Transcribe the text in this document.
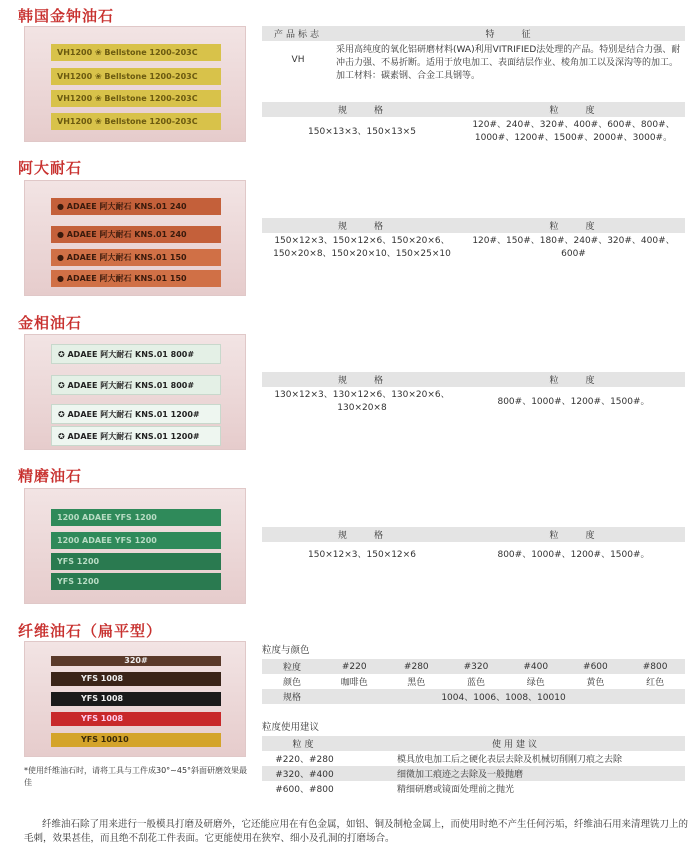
韩国金钟油石
阿大耐石
金相油石
精磨油石
纤维油石（扁平型）
VH1200 ❀ Bellstone 1200-203C
VH1200 ❀ Bellstone 1200-203C
VH1200 ❀ Bellstone 1200-203C
VH1200 ❀ Bellstone 1200-203C
● ADAEE 阿大耐石 KNS.01 240
● ADAEE 阿大耐石 KNS.01 240
● ADAEE 阿大耐石 KNS.01 150
● ADAEE 阿大耐石 KNS.01 150
✪ ADAEE 阿大耐石 KNS.01 800#
✪ ADAEE 阿大耐石 KNS.01 800#
✪ ADAEE 阿大耐石 KNS.01 1200#
✪ ADAEE 阿大耐石 KNS.01 1200#
1200 ADAEE YFS 1200
1200 ADAEE YFS 1200
YFS 1200
YFS 1200
320#
YFS 1008
YFS 1008
YFS 1008
YFS 10010
产品标志	特　　征
VH	采用高纯度的氧化铝研磨材料(WA)利用VITRIFIED法处理的产品。特别是结合力强、耐冲击力强、不易折断。适用于放电加工、表面结层作业、棱角加工以及深沟等的加工。加工材料：碳素钢、合金工具钢等。
规　　格	粒　　度
150×13×3、150×13×5	120#、240#、320#、400#、600#、800#、1000#、1200#、1500#、2000#、3000#。
规　　格	粒　　度
150×12×3、150×12×6、150×20×6、150×20×8、150×20×10、150×25×10	120#、150#、180#、240#、320#、400#、600#
规　　格	粒　　度
130×12×3、130×12×6、130×20×6、130×20×8	800#、1000#、1200#、1500#。
规　　格	粒　　度
150×12×3、150×12×6	800#、1000#、1200#、1500#。
粒度与颜色
粒度	#220	#280	#320	#400	#600	#800
颜色	咖啡色	黑色	蓝色	绿色	黄色	红色
规格	1004、1006、1008、10010					
粒度使用建议
粒度	使用建议
#220、#280	模具放电加工后之硬化表层去除及机械切削刚刀痕之去除
#320、#400	细微加工痕迹之去除及一般抛磨
#600、#800	精细研磨或镜面处理前之抛光
*使用纤维油石时，请将工具与工件成30°~45°斜面研磨效果最佳
纤维油石除了用来进行一般模具打磨及研磨外，它还能应用在有色金属，如铝、铜及制枪金属上，而使用时绝不产生任何污垢，纤维油石用来清理铣刀上的毛刺，效果甚佳，而且绝不刮花工件表面。它更能使用在狭窄、细小及孔洞的打磨场合。
